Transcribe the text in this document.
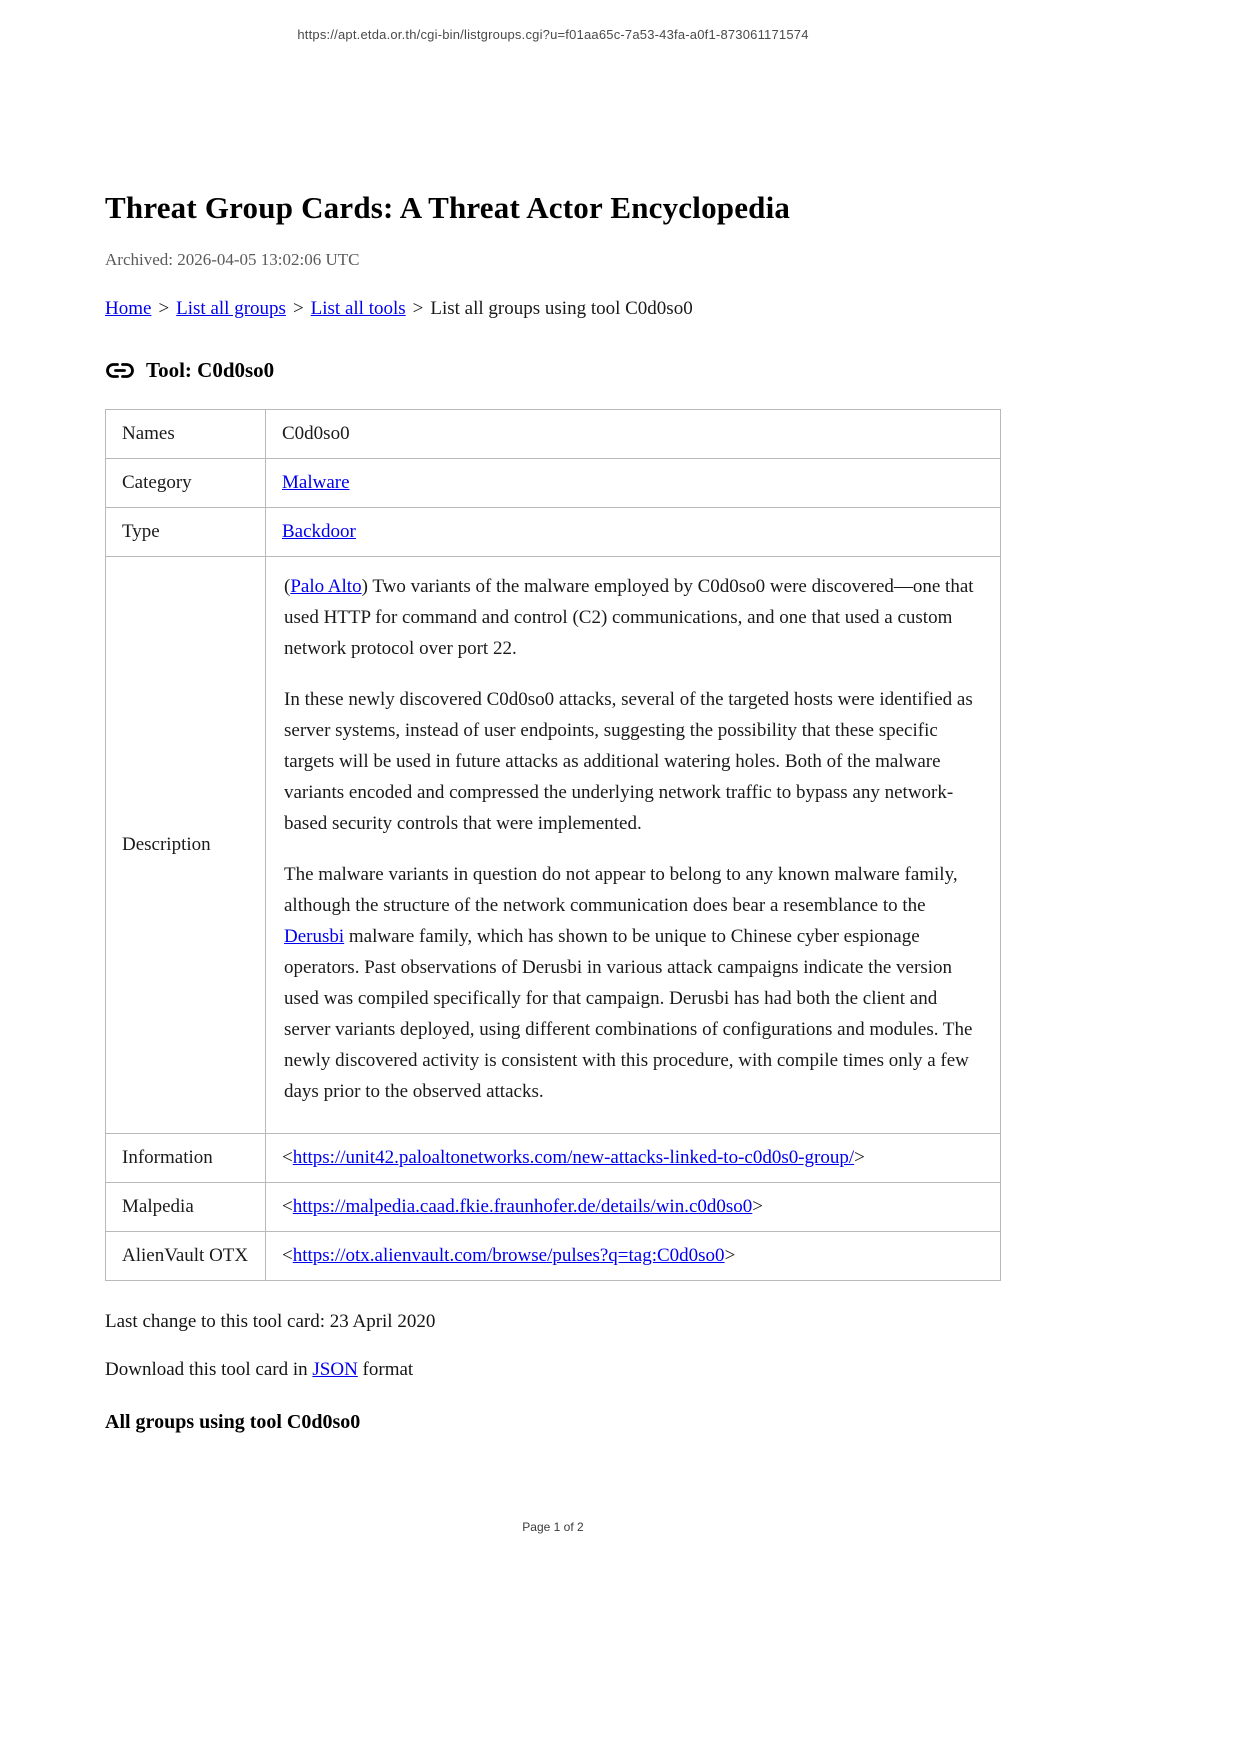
https://apt.etda.or.th/cgi-bin/listgroups.cgi?u=f01aa65c-7a53-43fa-a0f1-873061171574
Threat Group Cards: A Threat Actor Encyclopedia
Archived: 2026-04-05 13:02:06 UTC
Home > List all groups > List all tools > List all groups using tool C0d0so0
Tool: C0d0so0
Names	C0d0so0
Category	Malware
Type	Backdoor
Description	(Palo Alto) Two variants of the malware employed by C0d0so0 were discovered—one that used HTTP for command and control (C2) communications, and one that used a custom network protocol over port 22.

In these newly discovered C0d0so0 attacks, several of the targeted hosts were identified as server systems, instead of user endpoints, suggesting the possibility that these specific targets will be used in future attacks as additional watering holes. Both of the malware variants encoded and compressed the underlying network traffic to bypass any network-based security controls that were implemented.

The malware variants in question do not appear to belong to any known malware family, although the structure of the network communication does bear a resemblance to the Derusbi malware family, which has shown to be unique to Chinese cyber espionage operators. Past observations of Derusbi in various attack campaigns indicate the version used was compiled specifically for that campaign. Derusbi has had both the client and server variants deployed, using different combinations of configurations and modules. The newly discovered activity is consistent with this procedure, with compile times only a few days prior to the observed attacks.

Information	<https://unit42.paloaltonetworks.com/new-attacks-linked-to-c0d0s0-group/>
Malpedia	<https://malpedia.caad.fkie.fraunhofer.de/details/win.c0d0so0>
AlienVault OTX	<https://otx.alienvault.com/browse/pulses?q=tag:C0d0so0>

Last change to this tool card: 23 April 2020

Download this tool card in JSON format

All groups using tool C0d0so0
Page 1 of 2
